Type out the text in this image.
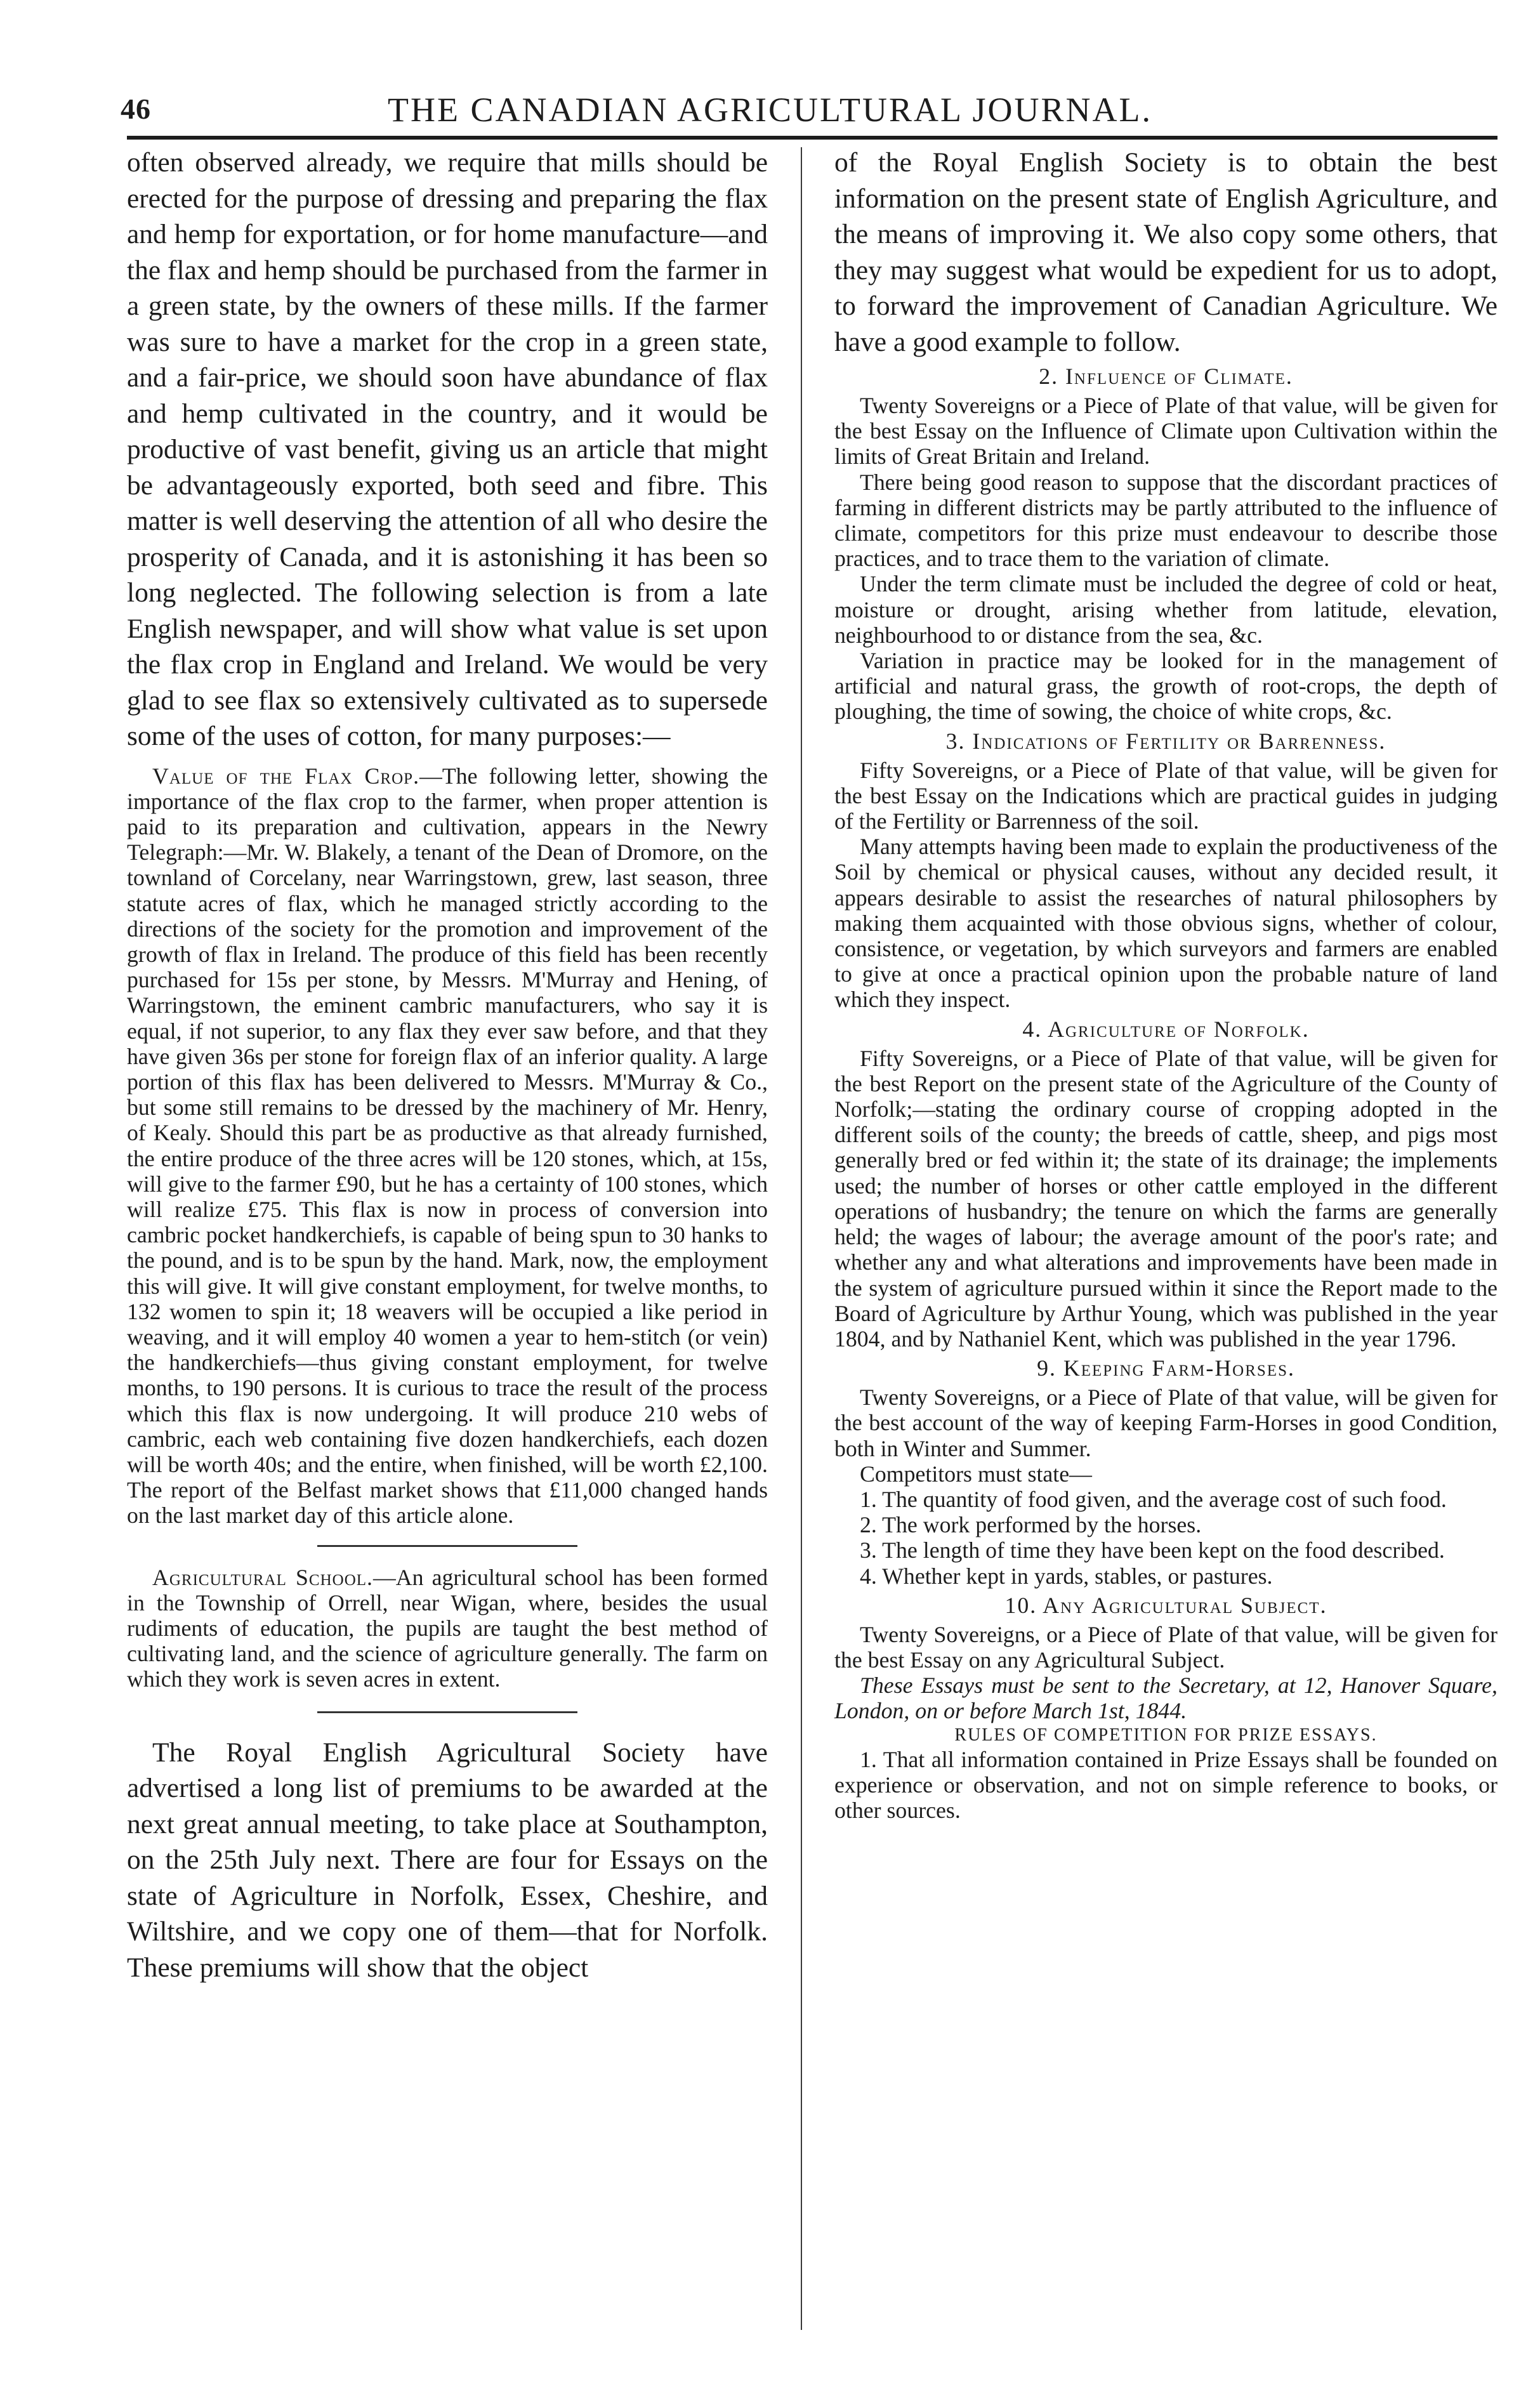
46	THE CANADIAN AGRICULTURAL JOURNAL.

often observed already, we require that mills should be erected for the purpose of dressing and preparing the flax and hemp for exportation, or for home manufacture—and the flax and hemp should be purchased from the farmer in a green state, by the owners of these mills. If the farmer was sure to have a market for the crop in a green state, and a fair-price, we should soon have abundance of flax and hemp cultivated in the country, and it would be productive of vast benefit, giving us an article that might be advantageously exported, both seed and fibre. This matter is well deserving the attention of all who desire the prosperity of Canada, and it is astonishing it has been so long neglected. The following selection is from a late English newspaper, and will show what value is set upon the flax crop in England and Ireland. We would be very glad to see flax so extensively cultivated as to supersede some of the uses of cotton, for many purposes:—

Value of the Flax Crop.—The following letter, showing the importance of the flax crop to the farmer, when proper attention is paid to its preparation and cultivation, appears in the Newry Telegraph:—Mr. W. Blakely, a tenant of the Dean of Dromore, on the townland of Corcelany, near Warringstown, grew, last season, three statute acres of flax, which he managed strictly according to the directions of the society for the promotion and improvement of the growth of flax in Ireland. The produce of this field has been recently purchased for 15s per stone, by Messrs. M'Murray and Hening, of Warringstown, the eminent cambric manufacturers, who say it is equal, if not superior, to any flax they ever saw before, and that they have given 36s per stone for foreign flax of an inferior quality. A large portion of this flax has been delivered to Messrs. M'Murray & Co., but some still remains to be dressed by the machinery of Mr. Henry, of Kealy. Should this part be as productive as that already furnished, the entire produce of the three acres will be 120 stones, which, at 15s, will give to the farmer £90, but he has a certainty of 100 stones, which will realize £75. This flax is now in process of conversion into cambric pocket handkerchiefs, is capable of being spun to 30 hanks to the pound, and is to be spun by the hand. Mark, now, the employment this will give. It will give constant employment, for twelve months, to 132 women to spin it; 18 weavers will be occupied a like period in weaving, and it will employ 40 women a year to hem-stitch (or vein) the handkerchiefs—thus giving constant employment, for twelve months, to 190 persons. It is curious to trace the result of the process which this flax is now undergoing. It will produce 210 webs of cambric, each web containing five dozen handkerchiefs, each dozen will be worth 40s; and the entire, when finished, will be worth £2,100. The report of the Belfast market shows that £11,000 changed hands on the last market day of this article alone.

Agricultural School.—An agricultural school has been formed in the Township of Orrell, near Wigan, where, besides the usual rudiments of education, the pupils are taught the best method of cultivating land, and the science of agriculture generally. The farm on which they work is seven acres in extent.

The Royal English Agricultural Society have advertised a long list of premiums to be awarded at the next great annual meeting, to take place at Southampton, on the 25th July next. There are four for Essays on the state of Agriculture in Norfolk, Essex, Cheshire, and Wiltshire, and we copy one of them—that for Norfolk. These premiums will show that the object

of the Royal English Society is to obtain the best information on the present state of English Agriculture, and the means of improving it. We also copy some others, that they may suggest what would be expedient for us to adopt, to forward the improvement of Canadian Agriculture. We have a good example to follow.

2. Influence of Climate.

Twenty Sovereigns or a Piece of Plate of that value, will be given for the best Essay on the Influence of Climate upon Cultivation within the limits of Great Britain and Ireland.

There being good reason to suppose that the discordant practices of farming in different districts may be partly attributed to the influence of climate, competitors for this prize must endeavour to describe those practices, and to trace them to the variation of climate.

Under the term climate must be included the degree of cold or heat, moisture or drought, arising whether from latitude, elevation, neighbourhood to or distance from the sea, &c.

Variation in practice may be looked for in the management of artificial and natural grass, the growth of root-crops, the depth of ploughing, the time of sowing, the choice of white crops, &c.

3. Indications of Fertility or Barrenness.

Fifty Sovereigns, or a Piece of Plate of that value, will be given for the best Essay on the Indications which are practical guides in judging of the Fertility or Barrenness of the soil.

Many attempts having been made to explain the productiveness of the Soil by chemical or physical causes, without any decided result, it appears desirable to assist the researches of natural philosophers by making them acquainted with those obvious signs, whether of colour, consistence, or vegetation, by which surveyors and farmers are enabled to give at once a practical opinion upon the probable nature of land which they inspect.

4. Agriculture of Norfolk.

Fifty Sovereigns, or a Piece of Plate of that value, will be given for the best Report on the present state of the Agriculture of the County of Norfolk;—stating the ordinary course of cropping adopted in the different soils of the county; the breeds of cattle, sheep, and pigs most generally bred or fed within it; the state of its drainage; the implements used; the number of horses or other cattle employed in the different operations of husbandry; the tenure on which the farms are generally held; the wages of labour; the average amount of the poor's rate; and whether any and what alterations and improvements have been made in the system of agriculture pursued within it since the Report made to the Board of Agriculture by Arthur Young, which was published in the year 1804, and by Nathaniel Kent, which was published in the year 1796.

9. Keeping Farm-Horses.

Twenty Sovereigns, or a Piece of Plate of that value, will be given for the best account of the way of keeping Farm-Horses in good Condition, both in Winter and Summer.

Competitors must state—

1. The quantity of food given, and the average cost of such food.

2. The work performed by the horses.

3. The length of time they have been kept on the food described.

4. Whether kept in yards, stables, or pastures.

10. Any Agricultural Subject.

Twenty Sovereigns, or a Piece of Plate of that value, will be given for the best Essay on any Agricultural Subject.

These Essays must be sent to the Secretary, at 12, Hanover Square, London, on or before March 1st, 1844.

RULES OF COMPETITION FOR PRIZE ESSAYS.

1. That all information contained in Prize Essays shall be founded on experience or observation, and not on simple reference to books, or other sources.
